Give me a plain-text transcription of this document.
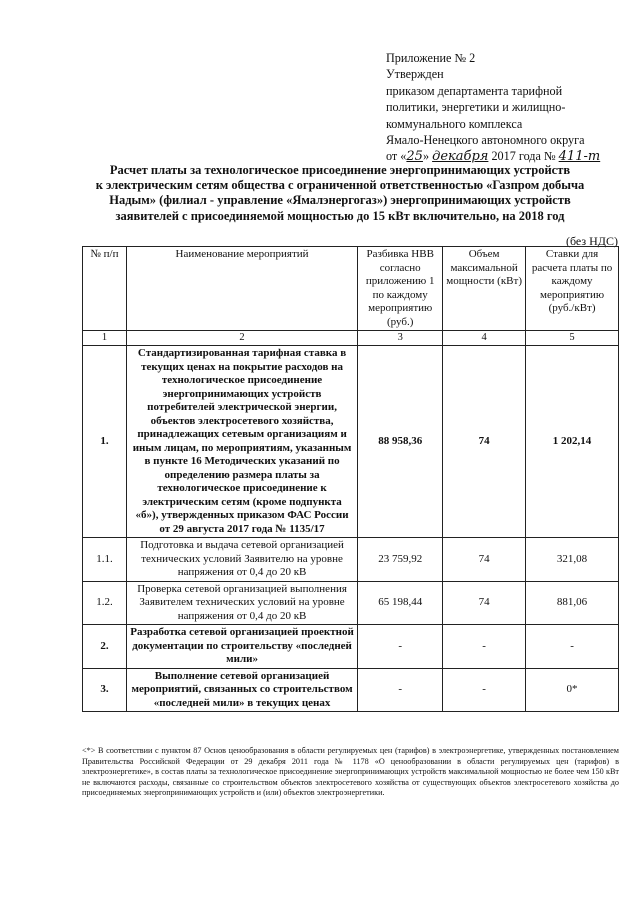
Приложение № 2
Утвержден
приказом департамента тарифной
политики, энергетики и жилищно-
коммунального комплекса
Ямало-Ненецкого автономного округа
от «25» декабря 2017 года № 411-т
Расчет платы за технологическое присоединение энергопринимающих устройств
к электрическим сетям общества с ограниченной ответственностью «Газпром добыча
Надым» (филиал - управление «Ямалэнергогаз») энергопринимающих устройств
заявителей с присоединяемой мощностью до 15 кВт включительно, на 2018 год
(без НДС)
№ п/п	Наименование мероприятий	Разбивка НВВ согласно приложению 1 по каждому мероприятию (руб.)	Объем максимальной мощности (кВт)	Ставки для расчета платы по каждому мероприятию (руб./кВт)
1	2	3	4	5
1.	Стандартизированная тарифная ставка в текущих ценах на покрытие расходов на технологическое присоединение энергопринимающих устройств потребителей электрической энергии, объектов электросетевого хозяйства, принадлежащих сетевым организациям и иным лицам, по мероприятиям, указанным в пункте 16 Методических указаний по определению размера платы за технологическое присоединение к электрическим сетям (кроме подпункта «б»), утвержденных приказом ФАС России от 29 августа 2017 года № 1135/17	88 958,36	74	1 202,14
1.1.	Подготовка и выдача сетевой организацией технических условий Заявителю на уровне напряжения от 0,4 до 20 кВ	23 759,92	74	321,08
1.2.	Проверка сетевой организацией выполнения Заявителем технических условий на уровне напряжения от 0,4 до 20 кВ	65 198,44	74	881,06
2.	Разработка сетевой организацией проектной документации по строительству «последней мили»	-	-	-
3.	Выполнение сетевой организацией мероприятий, связанных со строительством «последней мили» в текущих ценах	-	-	0*
<*> В соответствии с пунктом 87 Основ ценообразования в области регулируемых цен (тарифов) в электроэнергетике, утвержденных постановлением Правительства Российской Федерации от 29 декабря 2011 года № 1178 «О ценообразовании в области регулируемых цен (тарифов) в электроэнергетике», в состав платы за технологическое присоединение энергопринимающих устройств максимальной мощностью не более чем 150 кВт не включаются расходы, связанные со строительством объектов электросетевого хозяйства от существующих объектов электросетевого хозяйства до присоединяемых энергопринимающих устройств и (или) объектов электроэнергетики.
